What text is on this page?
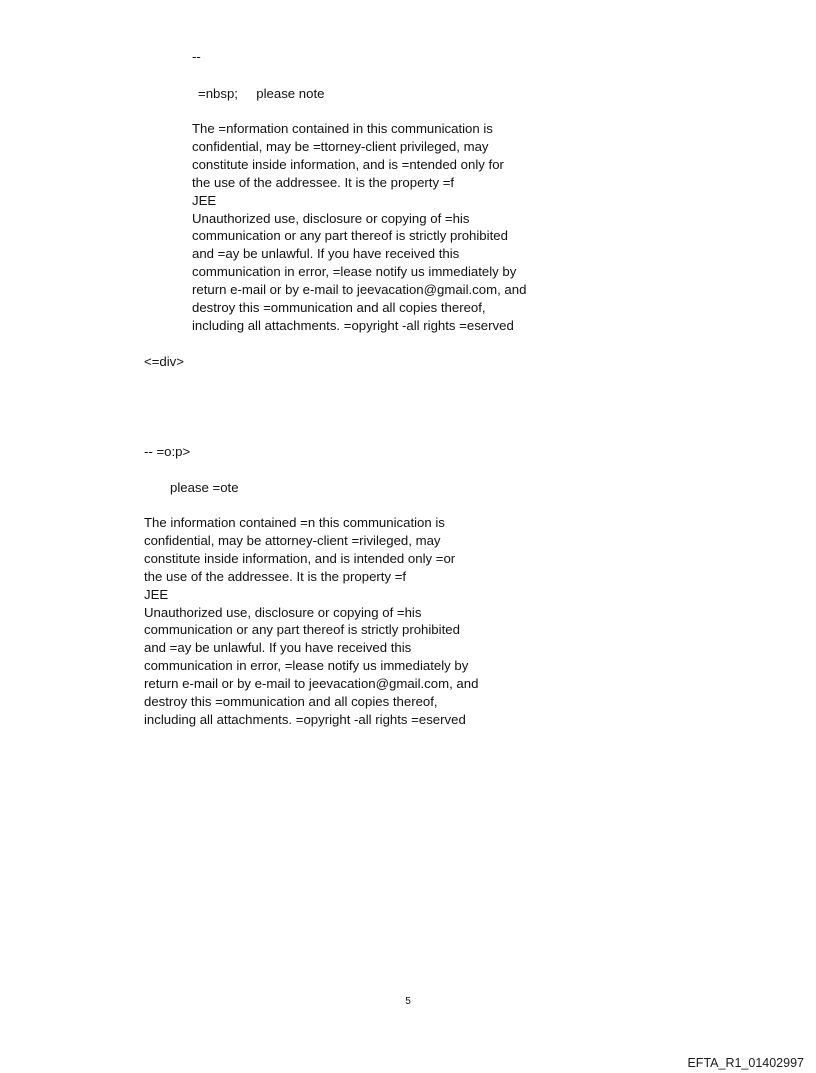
--
=nbsp;     please note
The =nformation contained in this communication is
confidential, may be =ttorney-client privileged, may
constitute inside information, and is =ntended only for
the use of the addressee. It is the property =f
JEE
Unauthorized use, disclosure or copying of =his
communication or any part thereof is strictly prohibited
and =ay be unlawful. If you have received this
communication in error, =lease notify us immediately by
return e-mail or by e-mail to jeevacation@gmail.com, and
destroy this =ommunication and all copies thereof,
including all attachments. =opyright -all rights =eserved
<=div>
-- =o:p>
please =ote
The information contained =n this communication is
confidential, may be attorney-client =rivileged, may
constitute inside information, and is intended only =or
the use of the addressee. It is the property =f
JEE
Unauthorized use, disclosure or copying of =his
communication or any part thereof is strictly prohibited
and =ay be unlawful. If you have received this
communication in error, =lease notify us immediately by
return e-mail or by e-mail to jeevacation@gmail.com, and
destroy this =ommunication and all copies thereof,
including all attachments. =opyright -all rights =eserved
5
EFTA_R1_01402997
